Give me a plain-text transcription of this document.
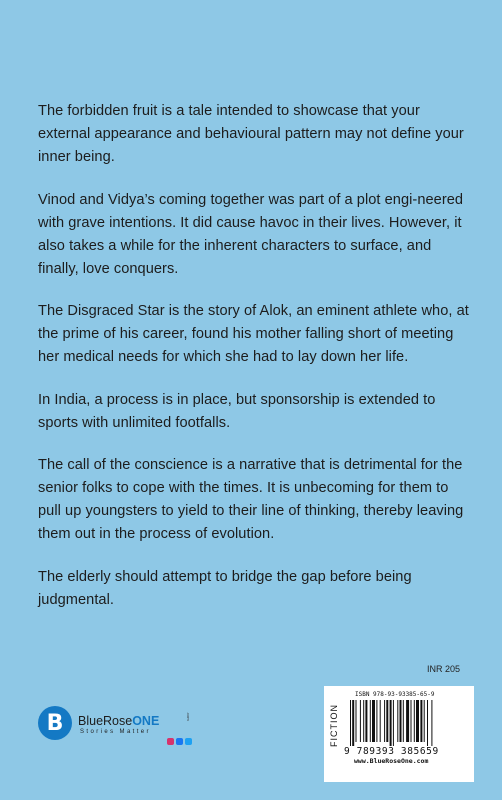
The forbidden fruit is a tale intended to showcase that your external appearance and behavioural pattern may not define your inner being.

Vinod and Vidya’s coming together was part of a plot engi-neered with grave intentions. It did cause havoc in their lives. However, it also takes a while for the inherent characters to surface, and finally, love conquers.

The Disgraced Star is the story of Alok, an eminent athlete who, at the prime of his career, found his mother falling short of meeting her medical needs for which she had to lay down her life.

In India, a process is in place, but sponsorship is extended to sports with unlimited footfalls.

The call of the conscience is a narrative that is detrimental for the senior folks to cope with the times. It is unbecoming for them to pull up youngsters to yield to their line of thinking, thereby leaving them out in the process of evolution.

The elderly should attempt to bridge the gap before being judgmental.

INR 205
FICTION
ISBN 978-93-93385-65-9
9 789393 385659
www.BlueRoseOne.com
B BlueRoseONE	.com
Stories Matter
